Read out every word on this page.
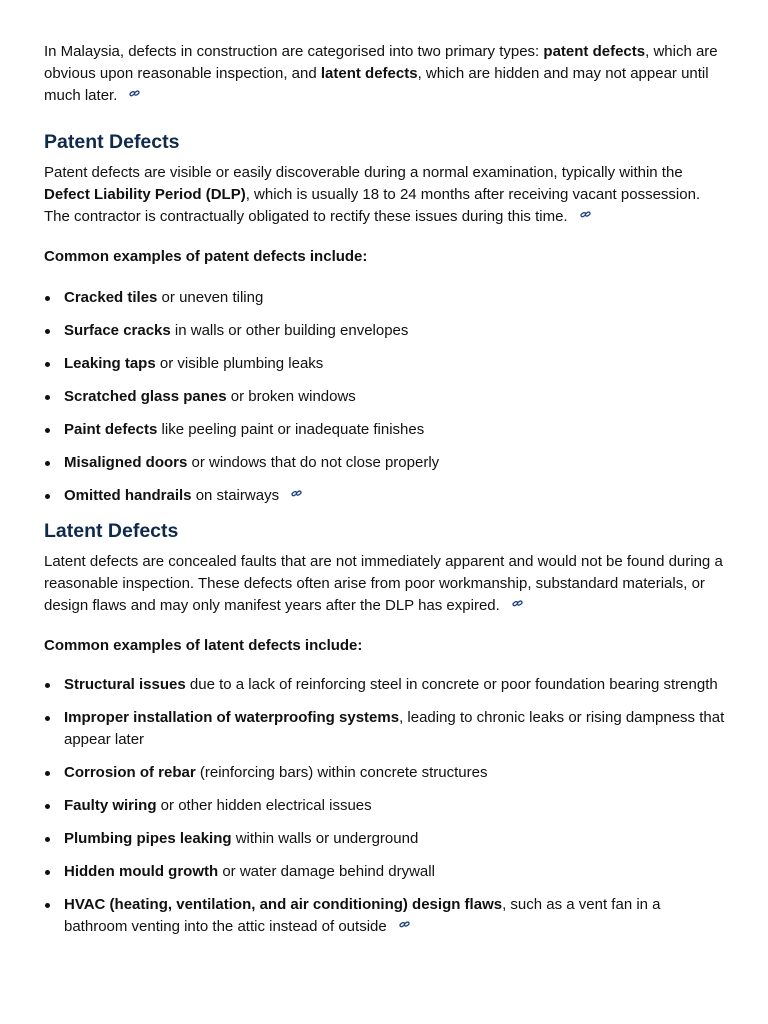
In Malaysia, defects in construction are categorised into two primary types: patent defects, which are obvious upon reasonable inspection, and latent defects, which are hidden and may not appear until much later.

Patent Defects

Patent defects are visible or easily discoverable during a normal examination, typically within the Defect Liability Period (DLP), which is usually 18 to 24 months after receiving vacant possession. The contractor is contractually obligated to rectify these issues during this time.

Common examples of patent defects include:

Cracked tiles or uneven tiling
Surface cracks in walls or other building envelopes
Leaking taps or visible plumbing leaks
Scratched glass panes or broken windows
Paint defects like peeling paint or inadequate finishes
Misaligned doors or windows that do not close properly
Omitted handrails on stairways
Latent Defects

Latent defects are concealed faults that are not immediately apparent and would not be found during a reasonable inspection. These defects often arise from poor workmanship, substandard materials, or design flaws and may only manifest years after the DLP has expired.

Common examples of latent defects include:

Structural issues due to a lack of reinforcing steel in concrete or poor foundation bearing strength
Improper installation of waterproofing systems, leading to chronic leaks or rising dampness that appear later
Corrosion of rebar (reinforcing bars) within concrete structures
Faulty wiring or other hidden electrical issues
Plumbing pipes leaking within walls or underground
Hidden mould growth or water damage behind drywall
HVAC (heating, ventilation, and air conditioning) design flaws, such as a vent fan in a bathroom venting into the attic instead of outside
